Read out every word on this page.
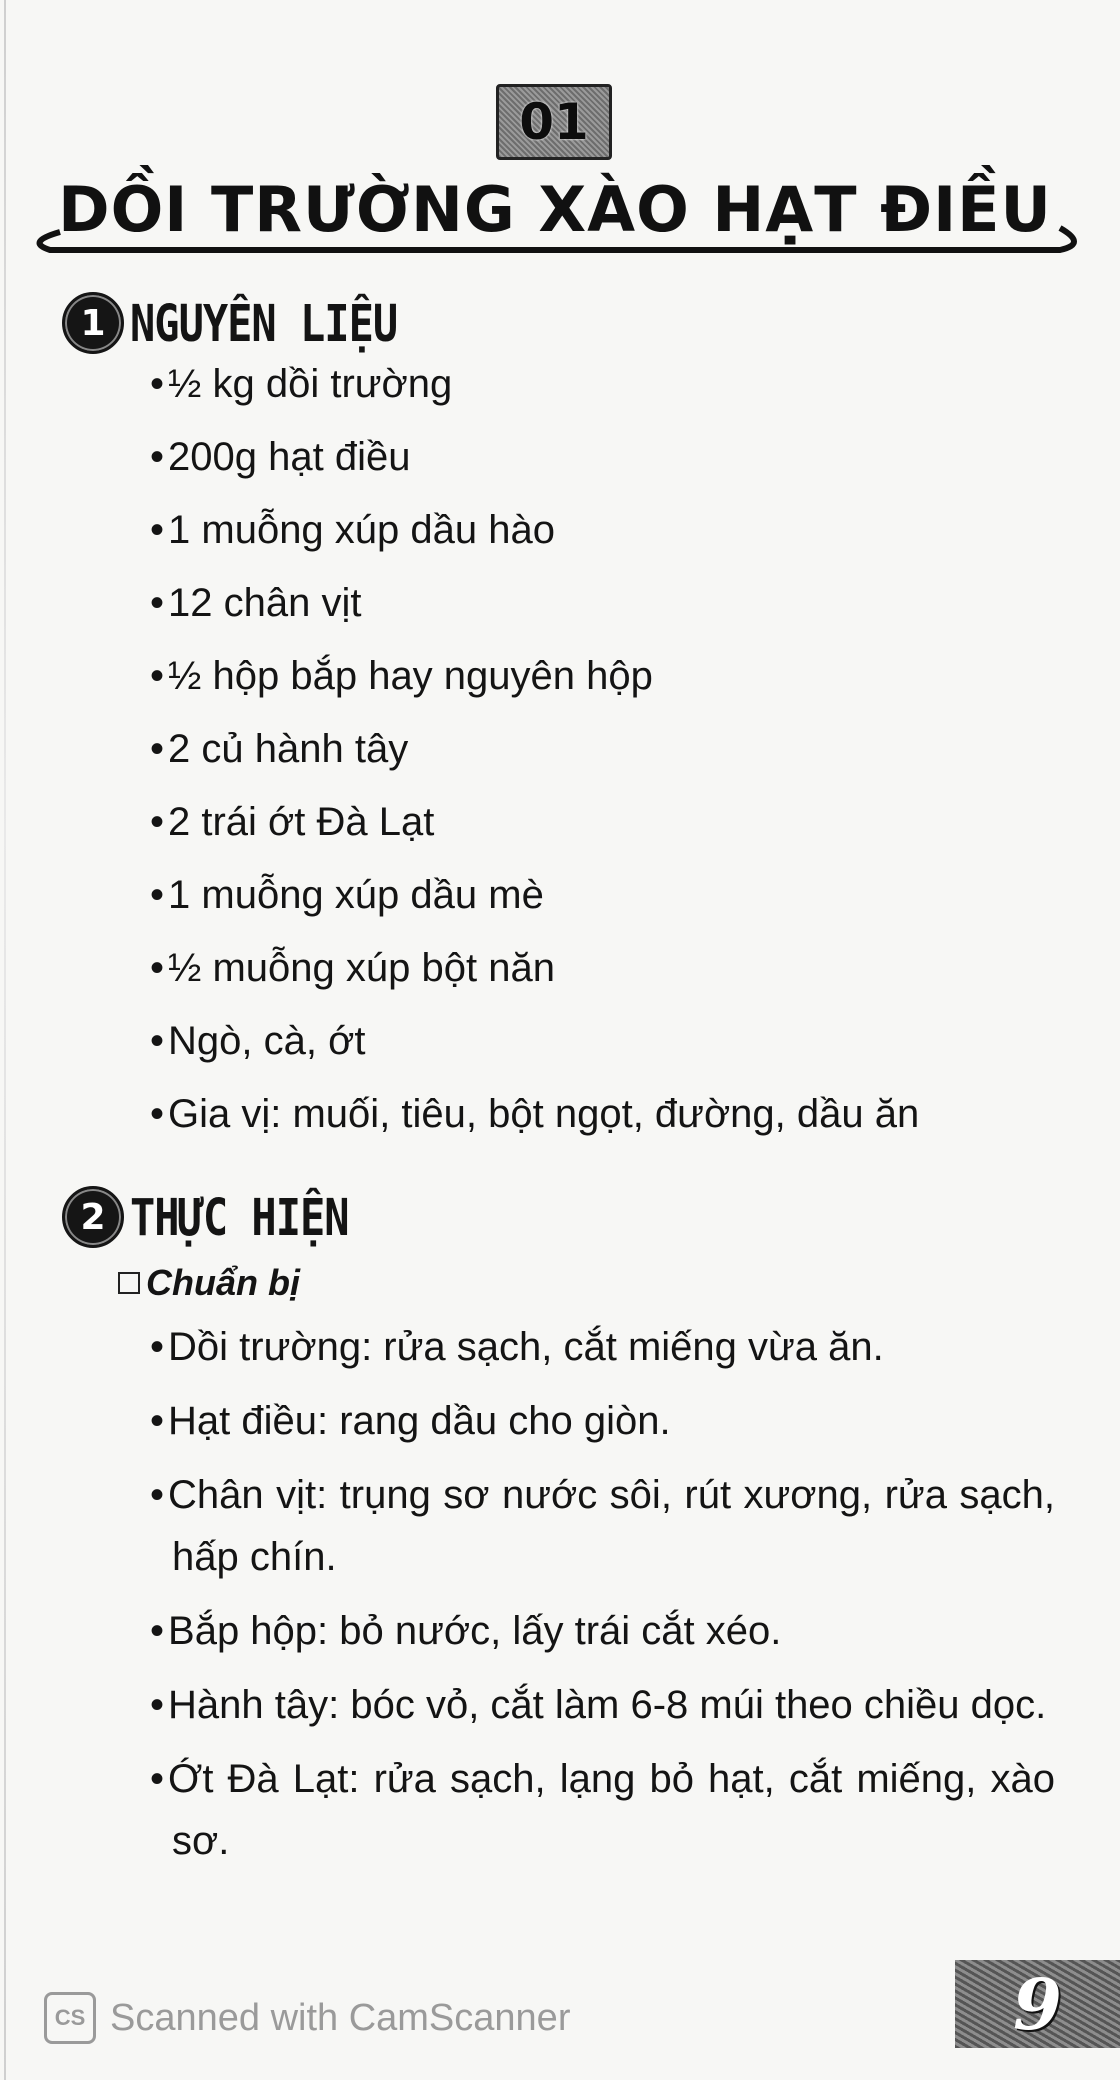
01
DỒI TRƯỜNG XÀO HẠT ĐIỀU
1 NGUYÊN LIỆU
• ½ kg dồi trường
• 200g hạt điều
• 1 muỗng xúp dầu hào
• 12 chân vịt
• ½ hộp bắp hay nguyên hộp
• 2 củ hành tây
• 2 trái ớt Đà Lạt
• 1 muỗng xúp dầu mè
• ½ muỗng xúp bột năn
• Ngò, cà, ớt
• Gia vị: muối, tiêu, bột ngọt, đường, dầu ăn
2 THỰC HIỆN
Chuẩn bị
• Dồi trường: rửa sạch, cắt miếng vừa ăn.
• Hạt điều: rang dầu cho giòn.
• Chân vịt: trụng sơ nước sôi, rút xương, rửa sạch, hấp chín.
• Bắp hộp: bỏ nước, lấy trái cắt xéo.
• Hành tây: bóc vỏ, cắt làm 6-8 múi theo chiều dọc.
• Ớt Đà Lạt: rửa sạch, lạng bỏ hạt, cắt miếng, xào sơ.
CS Scanned with CamScanner	9
